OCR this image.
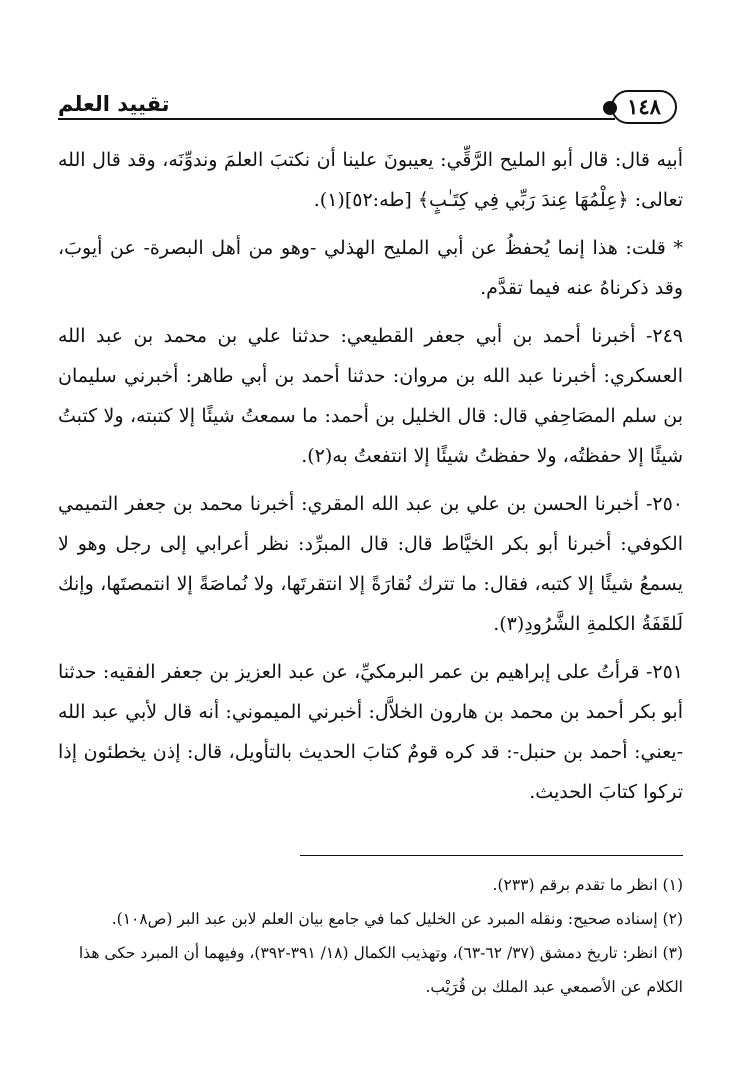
١٤٨
تقييد العلم

أبيه قال: قال أبو المليح الرَّقِّي: يعيبونَ علينا أن نكتبَ العلمَ وندوِّنَه، وقد قال الله تعالى: ﴿عِلْمُهَا عِندَ رَبِّي فِي كِتَـٰبٍ﴾ [طه:٥٢](١).

* قلت: هذا إنما يُحفظُ عن أبي المليح الهذلي -وهو من أهل البصرة- عن أيوبَ، وقد ذكرناهُ عنه فيما تقدَّم.

٢٤٩- أخبرنا أحمد بن أبي جعفر القطيعي: حدثنا علي بن محمد بن عبد الله العسكري: أخبرنا عبد الله بن مروان: حدثنا أحمد بن أبي طاهر: أخبرني سليمان بن سلم المصَاحِفي قال: قال الخليل بن أحمد: ما سمعتُ شيئًا إلا كتبته، ولا كتبتُ شيئًا إلا حفظتُه، ولا حفظتُ شيئًا إلا انتفعتُ به(٢).

٢٥٠- أخبرنا الحسن بن علي بن عبد الله المقري: أخبرنا محمد بن جعفر التميمي الكوفي: أخبرنا أبو بكر الخيَّاط قال: قال المبرِّد: نظر أعرابي إلى رجل وهو لا يسمعُ شيئًا إلا كتبه، فقال: ما تترك نُقارَةً إلا انتقرتَها، ولا نُماصَةً إلا انتمصتَها، وإنك لَلقَفَةُ الكلمةِ الشَّرُودِ(٣).

٢٥١- قرأتُ على إبراهيم بن عمر البرمكيِّ، عن عبد العزيز بن جعفر الفقيه: حدثنا أبو بكر أحمد بن محمد بن هارون الخلاَّل: أخبرني الميموني: أنه قال لأبي عبد الله -يعني: أحمد بن حنبل-: قد كره قومٌ كتابَ الحديث بالتأويل، قال: إذن يخطئون إذا تركوا كتابَ الحديث.

(١) انظر ما تقدم برقم (٢٣٣).

(٢) إسناده صحيح: ونقله المبرد عن الخليل كما في جامع بيان العلم لابن عبد البر (ص١٠٨).

(٣) انظر: تاريخ دمشق (٣٧/ ٦٢-٦٣)، وتهذيب الكمال (١٨/ ٣٩١-٣٩٢)، وفيهما أن المبرد حكى هذا الكلام عن الأصمعي عبد الملك بن قُرَيْب.
